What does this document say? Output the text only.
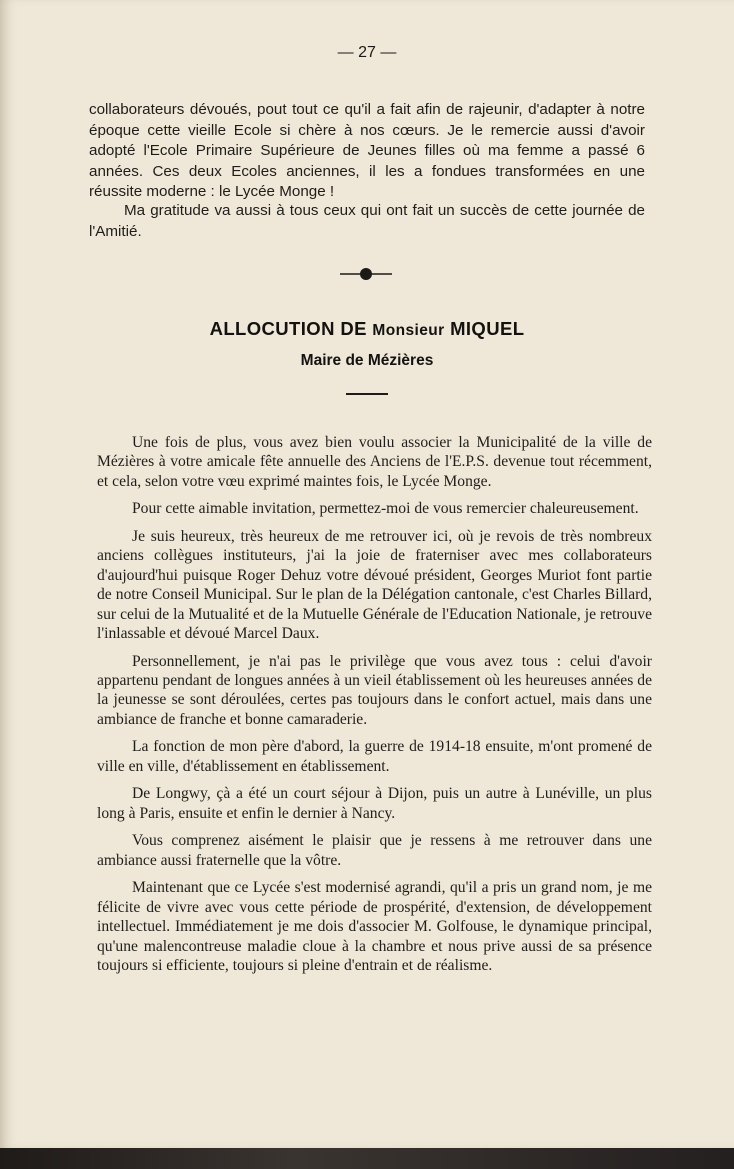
— 27 —

collaborateurs dévoués, pout tout ce qu'il a fait afin de rajeunir, d'adapter à notre époque cette vieille Ecole si chère à nos cœurs. Je le remercie aussi d'avoir adopté l'Ecole Primaire Supérieure de Jeunes filles où ma femme a passé 6 années. Ces deux Ecoles anciennes, il les a fondues transformées en une réussite moderne : le Lycée Monge !

Ma gratitude va aussi à tous ceux qui ont fait un succès de cette journée de l'Amitié.

ALLOCUTION DE Monsieur MIQUEL
Maire de Mézières

Une fois de plus, vous avez bien voulu associer la Municipalité de la ville de Mézières à votre amicale fête annuelle des Anciens de l'E.P.S. devenue tout récemment, et cela, selon votre vœu exprimé maintes fois, le Lycée Monge.

Pour cette aimable invitation, permettez-moi de vous remercier chaleureusement.

Je suis heureux, très heureux de me retrouver ici, où je revois de très nombreux anciens collègues instituteurs, j'ai la joie de fraterniser avec mes collaborateurs d'aujourd'hui puisque Roger Dehuz votre dévoué président, Georges Muriot font partie de notre Conseil Municipal. Sur le plan de la Délégation cantonale, c'est Charles Billard, sur celui de la Mutualité et de la Mutuelle Générale de l'Education Nationale, je retrouve l'inlassable et dévoué Marcel Daux.

Personnellement, je n'ai pas le privilège que vous avez tous : celui d'avoir appartenu pendant de longues années à un vieil établissement où les heureuses années de la jeunesse se sont déroulées, certes pas toujours dans le confort actuel, mais dans une ambiance de franche et bonne camaraderie.

La fonction de mon père d'abord, la guerre de 1914-18 ensuite, m'ont promené de ville en ville, d'établissement en établissement.

De Longwy, çà a été un court séjour à Dijon, puis un autre à Lunéville, un plus long à Paris, ensuite et enfin le dernier à Nancy.

Vous comprenez aisément le plaisir que je ressens à me retrouver dans une ambiance aussi fraternelle que la vôtre.

Maintenant que ce Lycée s'est modernisé agrandi, qu'il a pris un grand nom, je me félicite de vivre avec vous cette période de prospérité, d'extension, de développement intellectuel. Immédiatement je me dois d'associer M. Golfouse, le dynamique principal, qu'une malencontreuse maladie cloue à la chambre et nous prive aussi de sa présence toujours si efficiente, toujours si pleine d'entrain et de réalisme.
